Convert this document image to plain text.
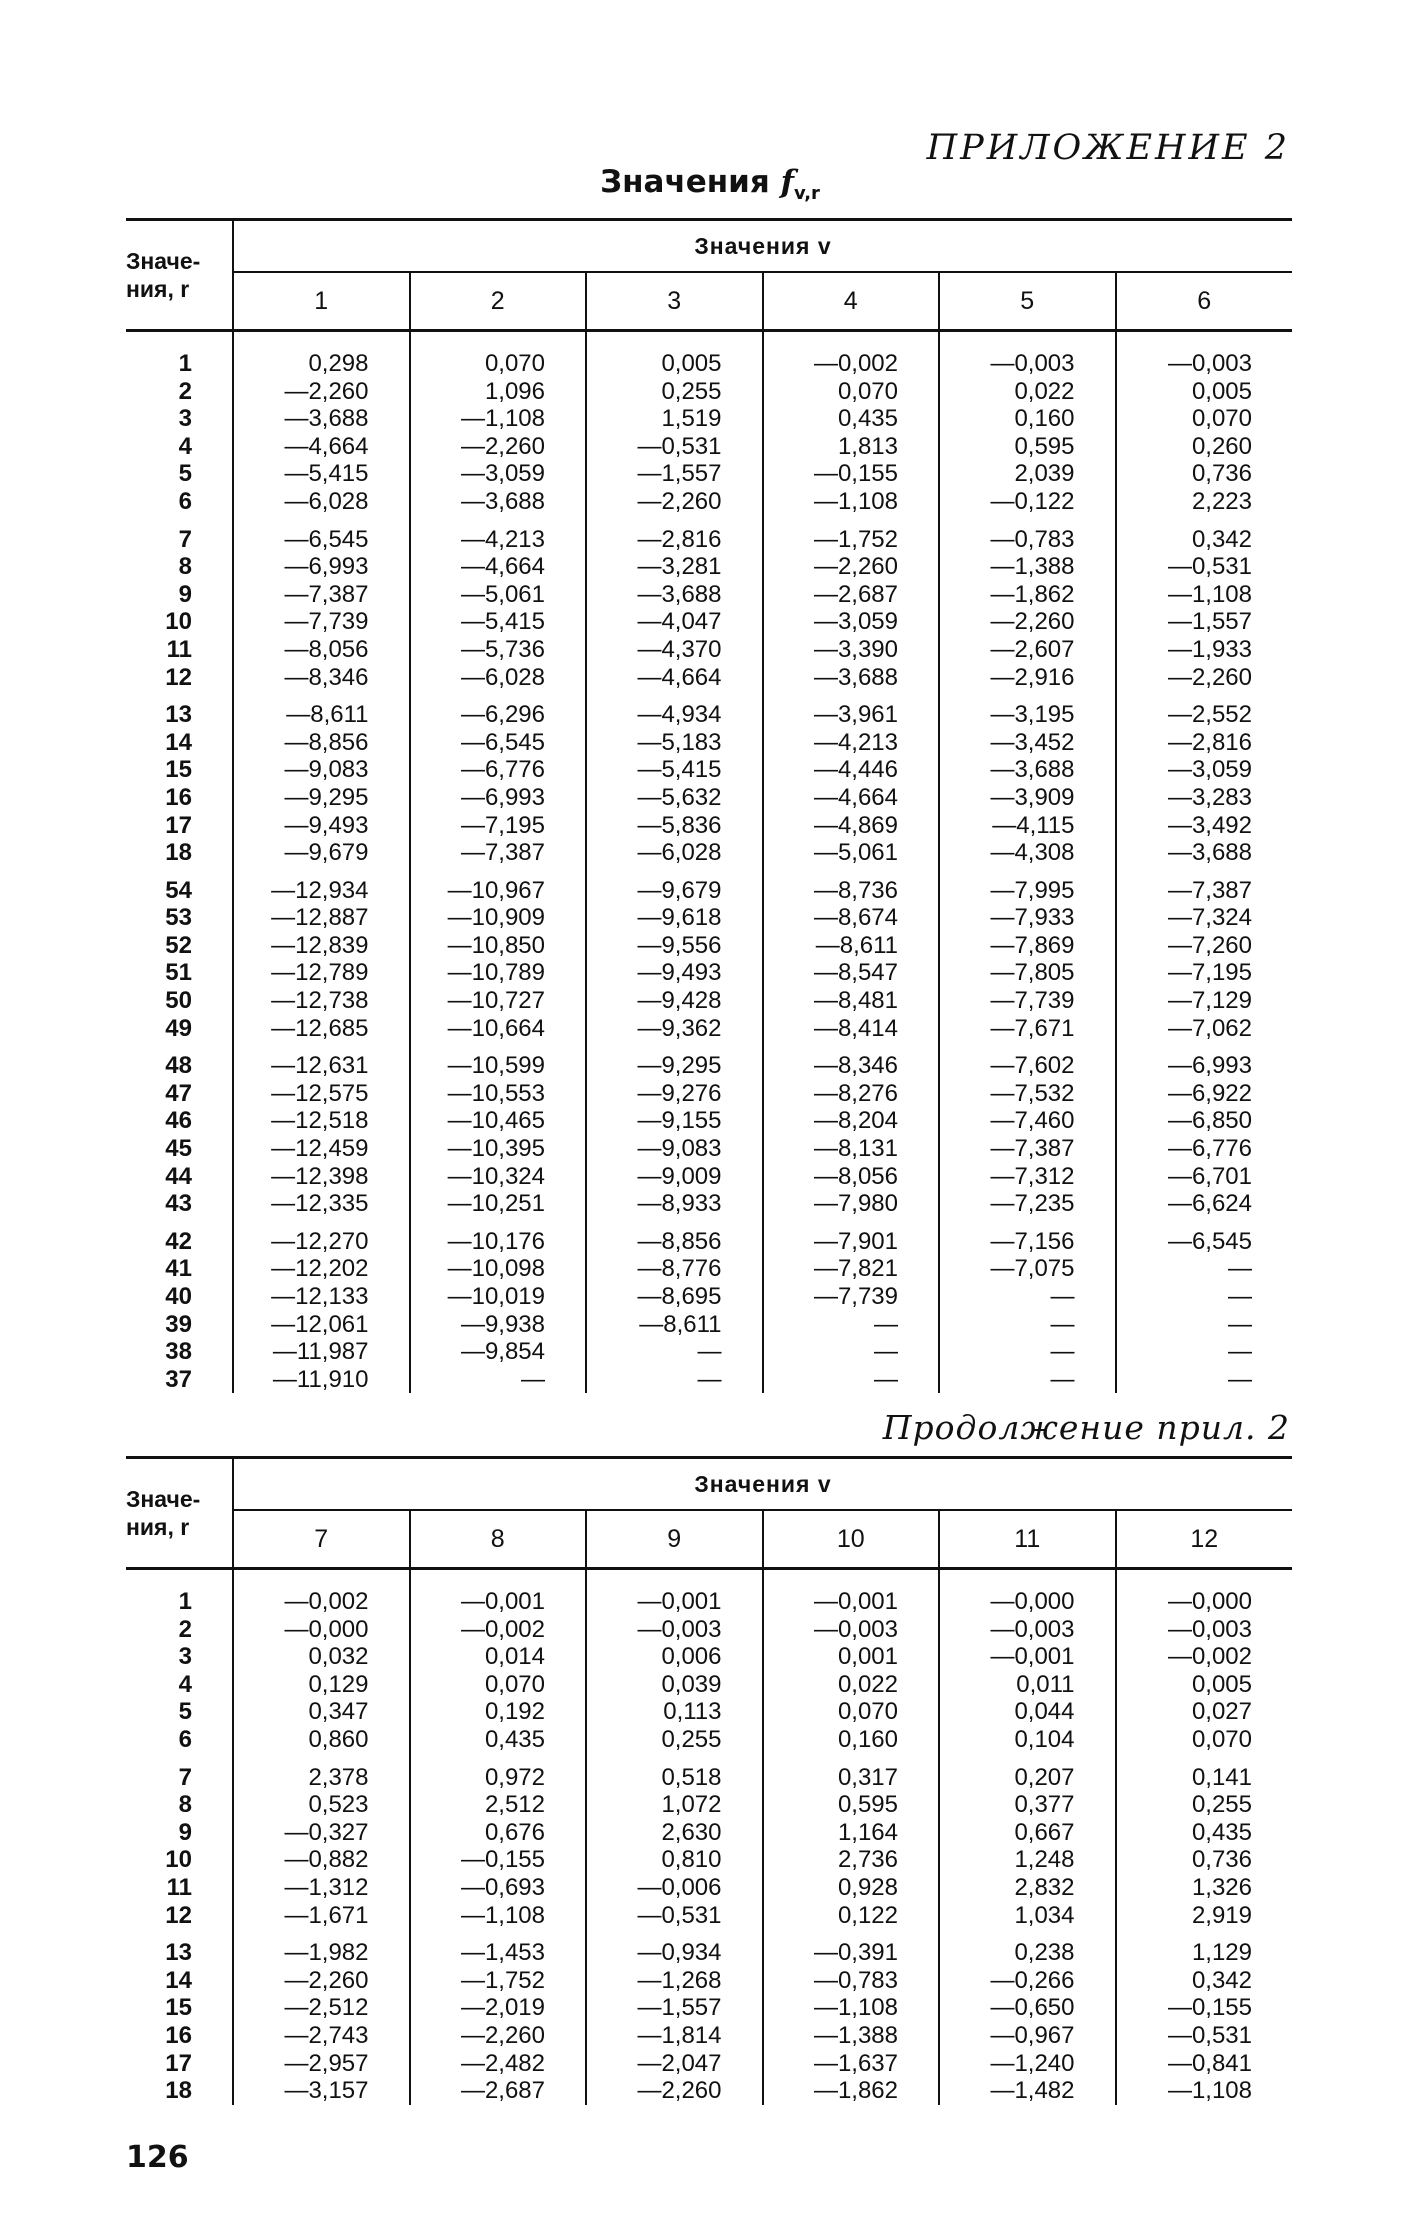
ПРИЛОЖЕНИЕ 2
Значения $f_{v,r}$
Значе-ния, r	Значения v					
	1	2	3	4	5	6
1	0,298	0,070	0,005	—0,002	—0,003	—0,003
2	—2,260	1,096	0,255	0,070	0,022	0,005
3	—3,688	—1,108	1,519	0,435	0,160	0,070
4	—4,664	—2,260	—0,531	1,813	0,595	0,260
5	—5,415	—3,059	—1,557	—0,155	2,039	0,736
6	—6,028	—3,688	—2,260	—1,108	—0,122	2,223
7	—6,545	—4,213	—2,816	—1,752	—0,783	0,342
8	—6,993	—4,664	—3,281	—2,260	—1,388	—0,531
9	—7,387	—5,061	—3,688	—2,687	—1,862	—1,108
10	—7,739	—5,415	—4,047	—3,059	—2,260	—1,557
11	—8,056	—5,736	—4,370	—3,390	—2,607	—1,933
12	—8,346	—6,028	—4,664	—3,688	—2,916	—2,260
13	—8,611	—6,296	—4,934	—3,961	—3,195	—2,552
14	—8,856	—6,545	—5,183	—4,213	—3,452	—2,816
15	—9,083	—6,776	—5,415	—4,446	—3,688	—3,059
16	—9,295	—6,993	—5,632	—4,664	—3,909	—3,283
17	—9,493	—7,195	—5,836	—4,869	—4,115	—3,492
18	—9,679	—7,387	—6,028	—5,061	—4,308	—3,688
54	—12,934	—10,967	—9,679	—8,736	—7,995	—7,387
53	—12,887	—10,909	—9,618	—8,674	—7,933	—7,324
52	—12,839	—10,850	—9,556	—8,611	—7,869	—7,260
51	—12,789	—10,789	—9,493	—8,547	—7,805	—7,195
50	—12,738	—10,727	—9,428	—8,481	—7,739	—7,129
49	—12,685	—10,664	—9,362	—8,414	—7,671	—7,062
48	—12,631	—10,599	—9,295	—8,346	—7,602	—6,993
47	—12,575	—10,553	—9,276	—8,276	—7,532	—6,922
46	—12,518	—10,465	—9,155	—8,204	—7,460	—6,850
45	—12,459	—10,395	—9,083	—8,131	—7,387	—6,776
44	—12,398	—10,324	—9,009	—8,056	—7,312	—6,701
43	—12,335	—10,251	—8,933	—7,980	—7,235	—6,624
42	—12,270	—10,176	—8,856	—7,901	—7,156	—6,545
41	—12,202	—10,098	—8,776	—7,821	—7,075	—
40	—12,133	—10,019	—8,695	—7,739	—	—
39	—12,061	—9,938	—8,611	—	—	—
38	—11,987	—9,854	—	—	—	—
37	—11,910	—	—	—	—	—
Продолжение прил. 2
Значе-ния, r	Значения v					
	7	8	9	10	11	12
1	—0,002	—0,001	—0,001	—0,001	—0,000	—0,000
2	—0,000	—0,002	—0,003	—0,003	—0,003	—0,003
3	0,032	0,014	0,006	0,001	—0,001	—0,002
4	0,129	0,070	0,039	0,022	0,011	0,005
5	0,347	0,192	0,113	0,070	0,044	0,027
6	0,860	0,435	0,255	0,160	0,104	0,070
7	2,378	0,972	0,518	0,317	0,207	0,141
8	0,523	2,512	1,072	0,595	0,377	0,255
9	—0,327	0,676	2,630	1,164	0,667	0,435
10	—0,882	—0,155	0,810	2,736	1,248	0,736
11	—1,312	—0,693	—0,006	0,928	2,832	1,326
12	—1,671	—1,108	—0,531	0,122	1,034	2,919
13	—1,982	—1,453	—0,934	—0,391	0,238	1,129
14	—2,260	—1,752	—1,268	—0,783	—0,266	0,342
15	—2,512	—2,019	—1,557	—1,108	—0,650	—0,155
16	—2,743	—2,260	—1,814	—1,388	—0,967	—0,531
17	—2,957	—2,482	—2,047	—1,637	—1,240	—0,841
18	—3,157	—2,687	—2,260	—1,862	—1,482	—1,108
126
